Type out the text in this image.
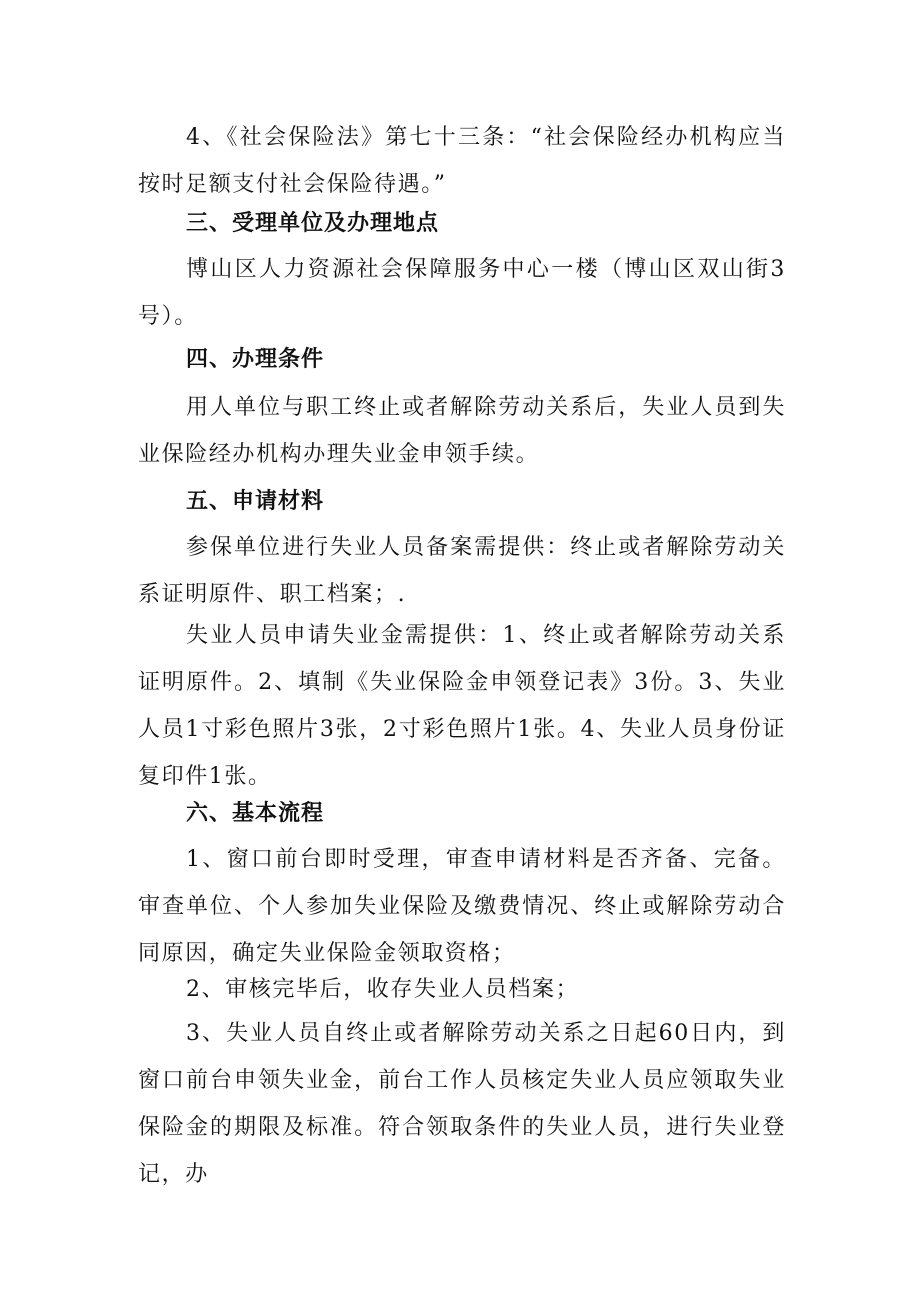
4、《社会保险法》第七十三条：“社会保险经办机构应当按时足额支付社会保险待遇。”

三、受理单位及办理地点

博山区人力资源社会保障服务中心一楼（博山区双山街3号）。

四、办理条件

用人单位与职工终止或者解除劳动关系后，失业人员到失业保险经办机构办理失业金申领手续。

五、申请材料

参保单位进行失业人员备案需提供：终止或者解除劳动关系证明原件、职工档案；.

失业人员申请失业金需提供：1、终止或者解除劳动关系证明原件。2、填制《失业保险金申领登记表》3份。3、失业人员1寸彩色照片3张，2寸彩色照片1张。4、失业人员身份证复印件1张。

六、基本流程

1、窗口前台即时受理，审查申请材料是否齐备、完备。审查单位、个人参加失业保险及缴费情况、终止或解除劳动合同原因，确定失业保险金领取资格；

2、审核完毕后，收存失业人员档案；

3、失业人员自终止或者解除劳动关系之日起60日内，到窗口前台申领失业金，前台工作人员核定失业人员应领取失业保险金的期限及标准。符合领取条件的失业人员，进行失业登记，办
